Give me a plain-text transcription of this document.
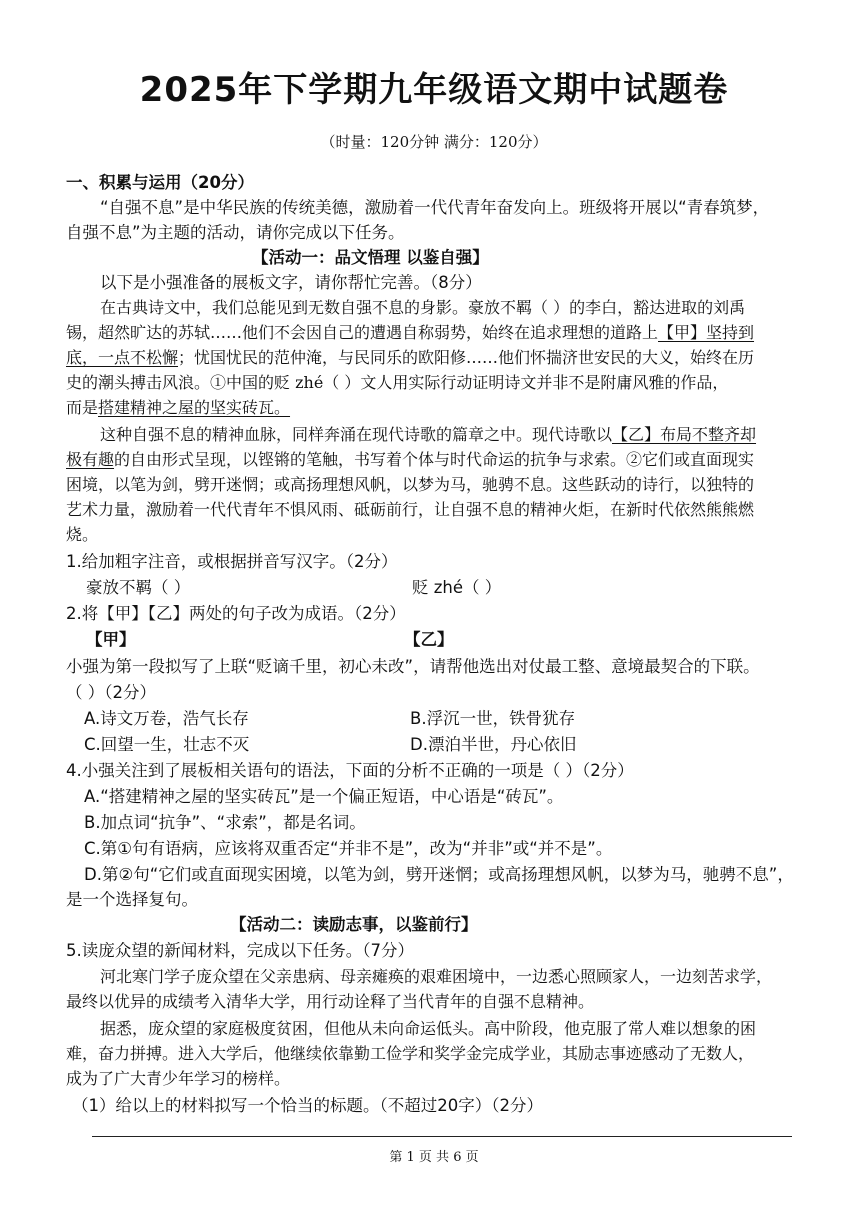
2025年下学期九年级语文期中试题卷
（时量：120分钟 满分：120分）
一、积累与运用（20分）
“自强不息”是中华民族的传统美德，激励着一代代青年奋发向上。班级将开展以“青春筑梦，
自强不息”为主题的活动，请你完成以下任务。
【活动一：品文悟理 以鉴自强】
以下是小强准备的展板文字，请你帮忙完善。（8分）
在古典诗文中，我们总能见到无数自强不息的身影。豪放不羁（ ）的李白，豁达进取的刘禹
锡，超然旷达的苏轼……他们不会因自己的遭遇自称弱势，始终在追求理想的道路上【甲】坚持到
底，一点不松懈；忧国忧民的范仲淹，与民同乐的欧阳修……他们怀揣济世安民的大义，始终在历
史的潮头搏击风浪。①中国的贬 zhé（ ）文人用实际行动证明诗文并非不是附庸风雅的作品，
而是搭建精神之屋的坚实砖瓦。
这种自强不息的精神血脉，同样奔涌在现代诗歌的篇章之中。现代诗歌以【乙】布局不整齐却
极有趣的自由形式呈现，以铿锵的笔触，书写着个体与时代命运的抗争与求索。②它们或直面现实
困境，以笔为剑，劈开迷惘；或高扬理想风帆，以梦为马，驰骋不息。这些跃动的诗行，以独特的
艺术力量，激励着一代代青年不惧风雨、砥砺前行，让自强不息的精神火炬，在新时代依然熊熊燃
烧。
1.给加粗字注音，或根据拼音写汉字。（2分）
豪放不羁（ ）	贬 zhé（ ）
2.将【甲】【乙】两处的句子改为成语。（2分）
【甲】	【乙】
小强为第一段拟写了上联“贬谪千里，初心未改”，请帮他选出对仗最工整、意境最契合的下联。
（ ）（2分）
A.诗文万卷，浩气长存	B.浮沉一世，铁骨犹存
C.回望一生，壮志不灭	D.漂泊半世，丹心依旧
4.小强关注到了展板相关语句的语法，下面的分析不正确的一项是（ ）（2分）
A.“搭建精神之屋的坚实砖瓦”是一个偏正短语，中心语是“砖瓦”。
B.加点词“抗争”、“求索”，都是名词。
C.第①句有语病，应该将双重否定“并非不是”，改为“并非”或“并不是”。
D.第②句“它们或直面现实困境，以笔为剑，劈开迷惘；或高扬理想风帆，以梦为马，驰骋不息”，
是一个选择复句。
【活动二：读励志事，以鉴前行】
5.读庞众望的新闻材料，完成以下任务。（7分）
河北寒门学子庞众望在父亲患病、母亲瘫痪的艰难困境中，一边悉心照顾家人，一边刻苦求学，
最终以优异的成绩考入清华大学，用行动诠释了当代青年的自强不息精神。
据悉，庞众望的家庭极度贫困，但他从未向命运低头。高中阶段，他克服了常人难以想象的困
难，奋力拼搏。进入大学后，他继续依靠勤工俭学和奖学金完成学业，其励志事迹感动了无数人，
成为了广大青少年学习的榜样。
（1）给以上的材料拟写一个恰当的标题。（不超过20字）（2分）
第 1 页 共 6 页
